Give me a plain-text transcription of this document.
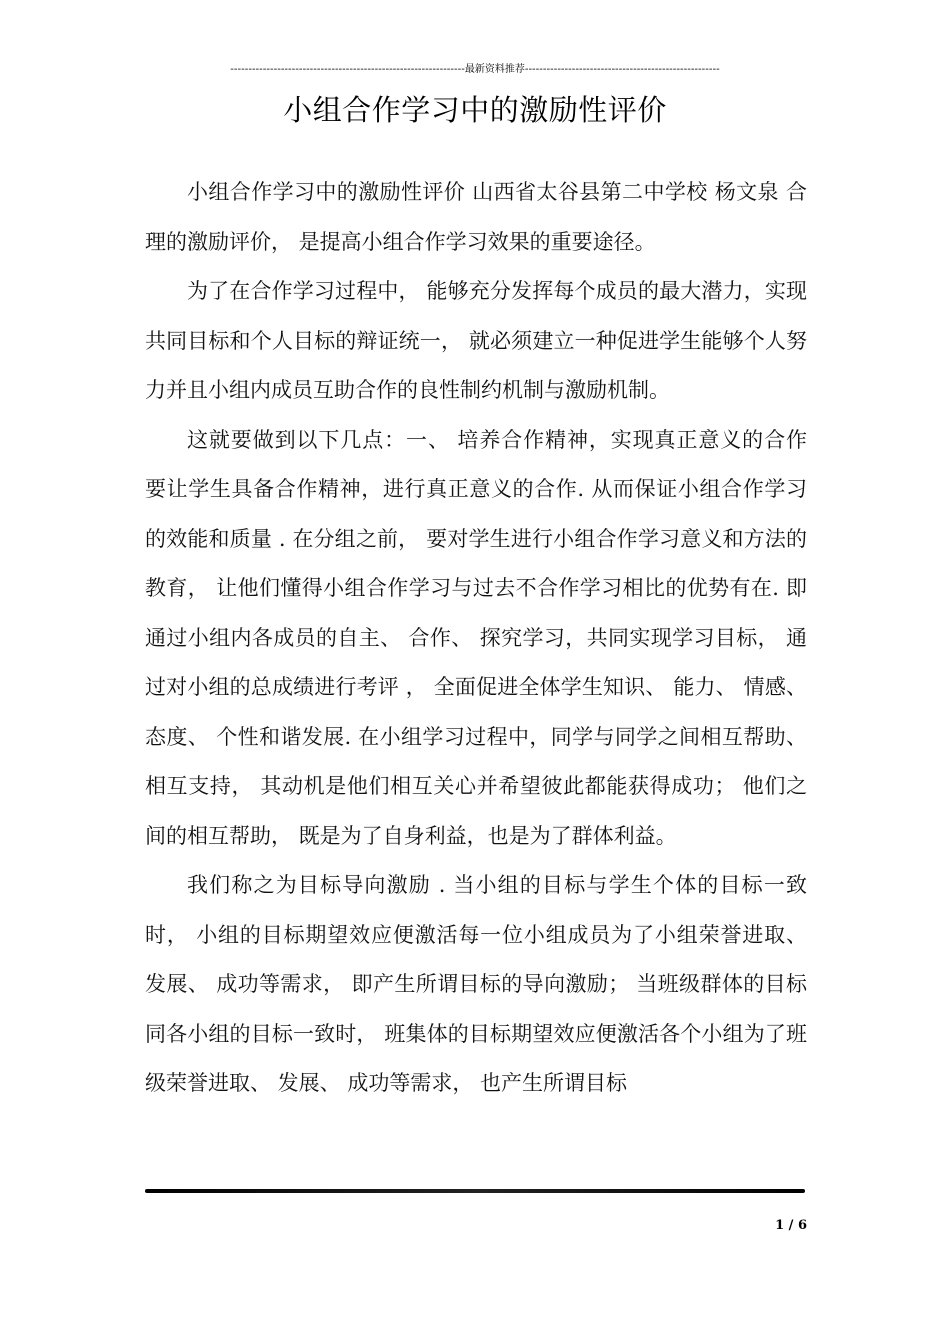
-----------------------------------------------------------------最新资料推荐------------------------------------------------------
小组合作学习中的激励性评价

小组合作学习中的激励性评价 山西省太谷县第二中学校 杨文泉 合理的激励评价， 是提高小组合作学习效果的重要途径。

为了在合作学习过程中， 能够充分发挥每个成员的最大潜力，实现共同目标和个人目标的辩证统一， 就必须建立一种促进学生能够个人努力并且小组内成员互助合作的良性制约机制与激励机制。

这就要做到以下几点：一、 培养合作精神，实现真正意义的合作 要让学生具备合作精神，进行真正意义的合作. 从而保证小组合作学习的效能和质量 . 在分组之前， 要对学生进行小组合作学习意义和方法的教育， 让他们懂得小组合作学习与过去不合作学习相比的优势有在. 即通过小组内各成员的自主、 合作、 探究学习，共同实现学习目标， 通过对小组的总成绩进行考评 ， 全面促进全体学生知识、 能力、 情感、 态度、 个性和谐发展. 在小组学习过程中，同学与同学之间相互帮助、 相互支持， 其动机是他们相互关心并希望彼此都能获得成功； 他们之间的相互帮助， 既是为了自身利益，也是为了群体利益。

我们称之为目标导向激励 . 当小组的目标与学生个体的目标一致时， 小组的目标期望效应便激活每一位小组成员为了小组荣誉进取、 发展、 成功等需求， 即产生所谓目标的导向激励； 当班级群体的目标同各小组的目标一致时， 班集体的目标期望效应便激活各个小组为了班级荣誉进取、 发展、 成功等需求， 也产生所谓目标

1 / 6
